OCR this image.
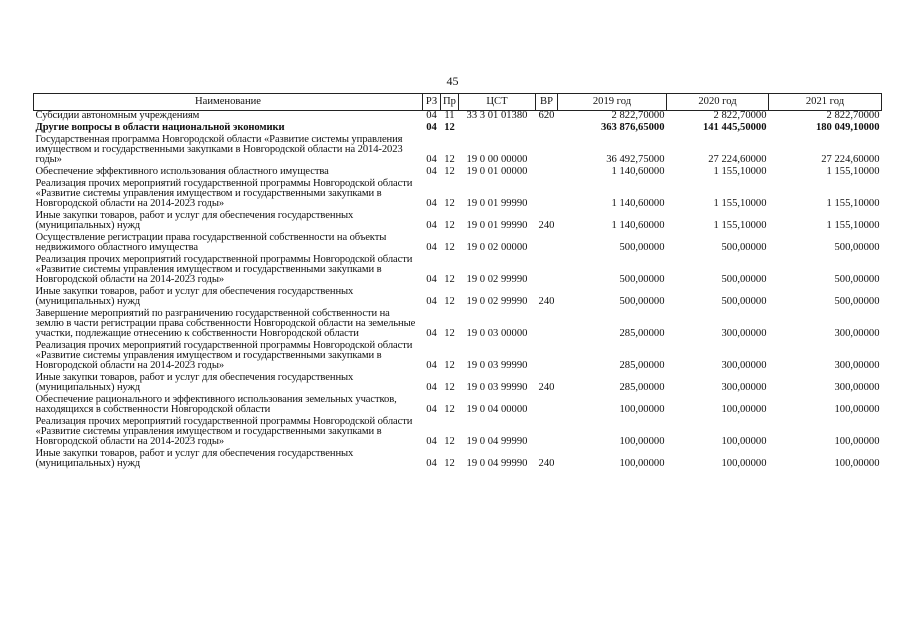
45
Наименование	РЗ	Пр	ЦСТ	ВР	2019 год	2020 год	2021 год
Субсидии автономным учреждениям	04	11	33 3 01 01380	620	2 822,70000	2 822,70000	2 822,70000
Другие вопросы в области национальной экономики	04	12			363 876,65000	141 445,50000	180 049,10000
Государственная программа Новгородской области «Развитие системы управления имуществом и государственными закупками в Новгородской области на 2014-2023 годы»	04	12	19 0 00 00000		36 492,75000	27 224,60000	27 224,60000
Обеспечение эффективного использования областного имущества	04	12	19 0 01 00000		1 140,60000	1 155,10000	1 155,10000
Реализация прочих мероприятий государственной программы Новгородской области «Развитие системы управления имуществом и государственными закупками в Новгородской области на 2014-2023 годы»	04	12	19 0 01 99990		1 140,60000	1 155,10000	1 155,10000
Иные закупки товаров, работ и услуг для обеспечения государственных (муниципальных) нужд	04	12	19 0 01 99990	240	1 140,60000	1 155,10000	1 155,10000
Осуществление регистрации права государственной собственности на объекты недвижимого областного имущества	04	12	19 0 02 00000		500,00000	500,00000	500,00000
Реализация прочих мероприятий государственной программы Новгородской области «Развитие системы управления имуществом и государственными закупками в Новгородской области на 2014-2023 годы»	04	12	19 0 02 99990		500,00000	500,00000	500,00000
Иные закупки товаров, работ и услуг для обеспечения государственных (муниципальных) нужд	04	12	19 0 02 99990	240	500,00000	500,00000	500,00000
Завершение мероприятий по разграничению государственной собственности на землю в части регистрации права собственности Новгородской области на земельные участки, подлежащие отнесению к собственности Новгородской области	04	12	19 0 03 00000		285,00000	300,00000	300,00000
Реализация прочих мероприятий государственной программы Новгородской области «Развитие системы управления имуществом и государственными закупками в Новгородской области на 2014-2023 годы»	04	12	19 0 03 99990		285,00000	300,00000	300,00000
Иные закупки товаров, работ и услуг для обеспечения государственных (муниципальных) нужд	04	12	19 0 03 99990	240	285,00000	300,00000	300,00000
Обеспечение рационального и эффективного использования земельных участков, находящихся в собственности Новгородской области	04	12	19 0 04 00000		100,00000	100,00000	100,00000
Реализация прочих мероприятий государственной программы Новгородской области «Развитие системы управления имуществом и государственными закупками в Новгородской области на 2014-2023 годы»	04	12	19 0 04 99990		100,00000	100,00000	100,00000
Иные закупки товаров, работ и услуг для обеспечения государственных (муниципальных) нужд	04	12	19 0 04 99990	240	100,00000	100,00000	100,00000
